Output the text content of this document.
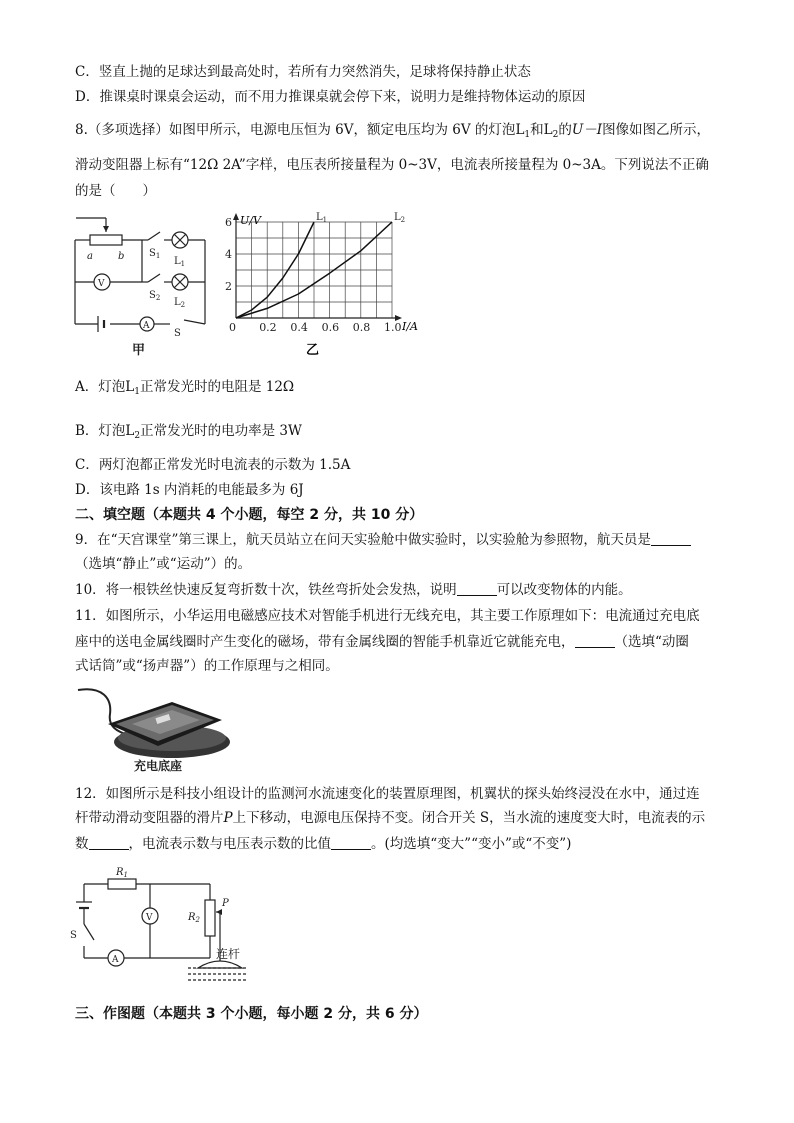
C．竖直上抛的足球达到最高处时，若所有力突然消失，足球将保持静止状态
D．推课桌时课桌会运动，而不用力推课桌就会停下来，说明力是维持物体运动的原因
8.（多项选择）如图甲所示，电源电压恒为 6V，额定电压均为 6V 的灯泡$L_1$和$L_2$的U－I图像如图乙所示，
滑动变阻器上标有“12Ω 2A”字样，电压表所接量程为 0~3V，电流表所接量程为 0~3A。下列说法不正确
的是（　　）
a	b $S_1$ $L_1$
$S_2$ $L_2$
V
A
S
甲
$L_1$	$L_2$
0 0.2 0.4 0.6 0.8 1.0
2
4
6 U/V
I/A
乙
A．灯泡$L_1$正常发光时的电阻是 12Ω
B．灯泡$L_2$正常发光时的电功率是 3W
C．两灯泡都正常发光时电流表的示数为 1.5A
D．该电路 1s 内消耗的电能最多为 6J
二、填空题（本题共 4 个小题，每空 2 分，共 10 分）
9．在“天宫课堂”第三课上，航天员站立在问天实验舱中做实验时，以实验舱为参照物，航天员是
（选填“静止”或“运动”）的。
10．将一根铁丝快速反复弯折数十次，铁丝弯折处会发热，说明	可以改变物体的内能。
11．如图所示，小华运用电磁感应技术对智能手机进行无线充电，其主要工作原理如下：电流通过充电底
座中的送电金属线圈时产生变化的磁场，带有金属线圈的智能手机靠近它就能充电，	（选填“动圈
式话筒”或“扬声器”）的工作原理与之相同。
充电底座
12．如图所示是科技小组设计的监测河水流速变化的装置原理图，机翼状的探头始终浸没在水中，通过连
杆带动滑动变阻器的滑片P上下移动，电源电压保持不变。闭合开关 S，当水流的速度变大时，电流表的示
数	，电流表示数与电压表示数的比值	。(均选填“变大”“变小”或“不变”)
$R_1$
$R_2$
P
V
A
S
连杆
三、作图题（本题共 3 个小题，每小题 2 分，共 6 分）
